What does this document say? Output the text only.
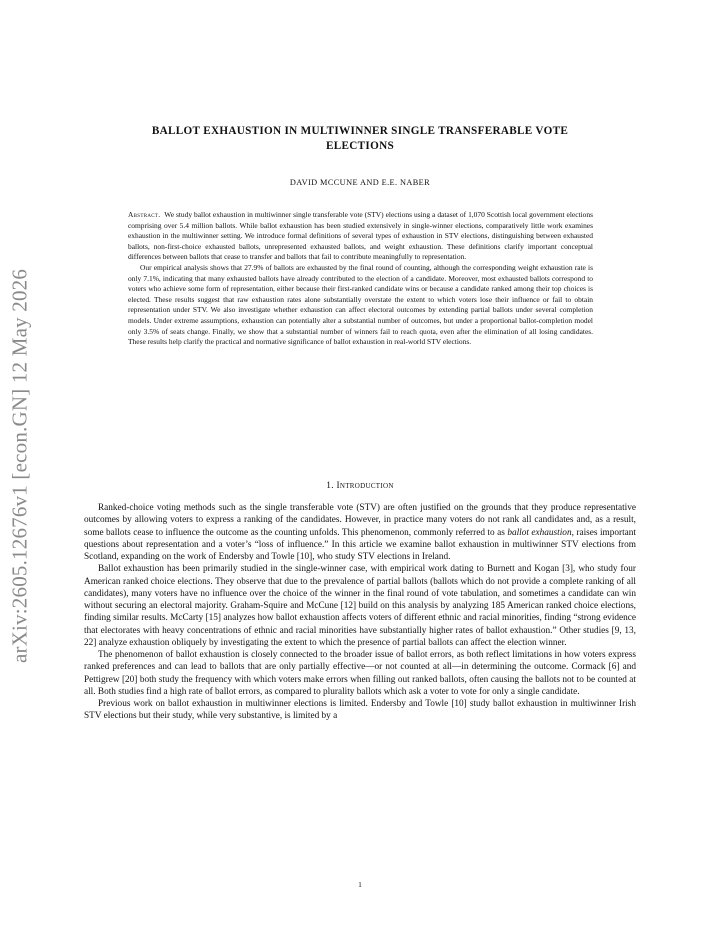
arXiv:2605.12676v1 [econ.GN] 12 May 2026
BALLOT EXHAUSTION IN MULTIWINNER SINGLE TRANSFERABLE VOTE
ELECTIONS
DAVID MCCUNE AND E.E. NABER

Abstract. We study ballot exhaustion in multiwinner single transferable vote (STV) elections using a dataset of 1,070 Scottish local government elections comprising over 5.4 million ballots. While ballot exhaustion has been studied extensively in single-winner elections, comparatively little work examines exhaustion in the multiwinner setting. We introduce formal definitions of several types of exhaustion in STV elections, distinguishing between exhausted ballots, non-first-choice exhausted ballots, unrepresented exhausted ballots, and weight exhaustion. These definitions clarify important conceptual differences between ballots that cease to transfer and ballots that fail to contribute meaningfully to representation.

Our empirical analysis shows that 27.9% of ballots are exhausted by the final round of counting, although the corresponding weight exhaustion rate is only 7.1%, indicating that many exhausted ballots have already contributed to the election of a candidate. Moreover, most exhausted ballots correspond to voters who achieve some form of representation, either because their first-ranked candidate wins or because a candidate ranked among their top choices is elected. These results suggest that raw exhaustion rates alone substantially overstate the extent to which voters lose their influence or fail to obtain representation under STV. We also investigate whether exhaustion can affect electoral outcomes by extending partial ballots under several completion models. Under extreme assumptions, exhaustion can potentially alter a substantial number of outcomes, but under a proportional ballot-completion model only 3.5% of seats change. Finally, we show that a substantial number of winners fail to reach quota, even after the elimination of all losing candidates. These results help clarify the practical and normative significance of ballot exhaustion in real-world STV elections.

1. Introduction

Ranked-choice voting methods such as the single transferable vote (STV) are often justified on the grounds that they produce representative outcomes by allowing voters to express a ranking of the candidates. However, in practice many voters do not rank all candidates and, as a result, some ballots cease to influence the outcome as the counting unfolds. This phenomenon, commonly referred to as ballot exhaustion, raises important questions about representation and a voter’s “loss of influence.” In this article we examine ballot exhaustion in multiwinner STV elections from Scotland, expanding on the work of Endersby and Towle [10], who study STV elections in Ireland.

Ballot exhaustion has been primarily studied in the single-winner case, with empirical work dating to Burnett and Kogan [3], who study four American ranked choice elections. They observe that due to the prevalence of partial ballots (ballots which do not provide a complete ranking of all candidates), many voters have no influence over the choice of the winner in the final round of vote tabulation, and sometimes a candidate can win without securing an electoral majority. Graham-Squire and McCune [12] build on this analysis by analyzing 185 American ranked choice elections, finding similar results. McCarty [15] analyzes how ballot exhaustion affects voters of different ethnic and racial minorities, finding “strong evidence that electorates with heavy concentrations of ethnic and racial minorities have substantially higher rates of ballot exhaustion.” Other studies [9, 13, 22] analyze exhaustion obliquely by investigating the extent to which the presence of partial ballots can affect the election winner.

The phenomenon of ballot exhaustion is closely connected to the broader issue of ballot errors, as both reflect limitations in how voters express ranked preferences and can lead to ballots that are only partially effective—or not counted at all—in determining the outcome. Cormack [6] and Pettigrew [20] both study the frequency with which voters make errors when filling out ranked ballots, often causing the ballots not to be counted at all. Both studies find a high rate of ballot errors, as compared to plurality ballots which ask a voter to vote for only a single candidate.

Previous work on ballot exhaustion in multiwinner elections is limited. Endersby and Towle [10] study ballot exhaustion in multiwinner Irish STV elections but their study, while very substantive, is limited by a

1
